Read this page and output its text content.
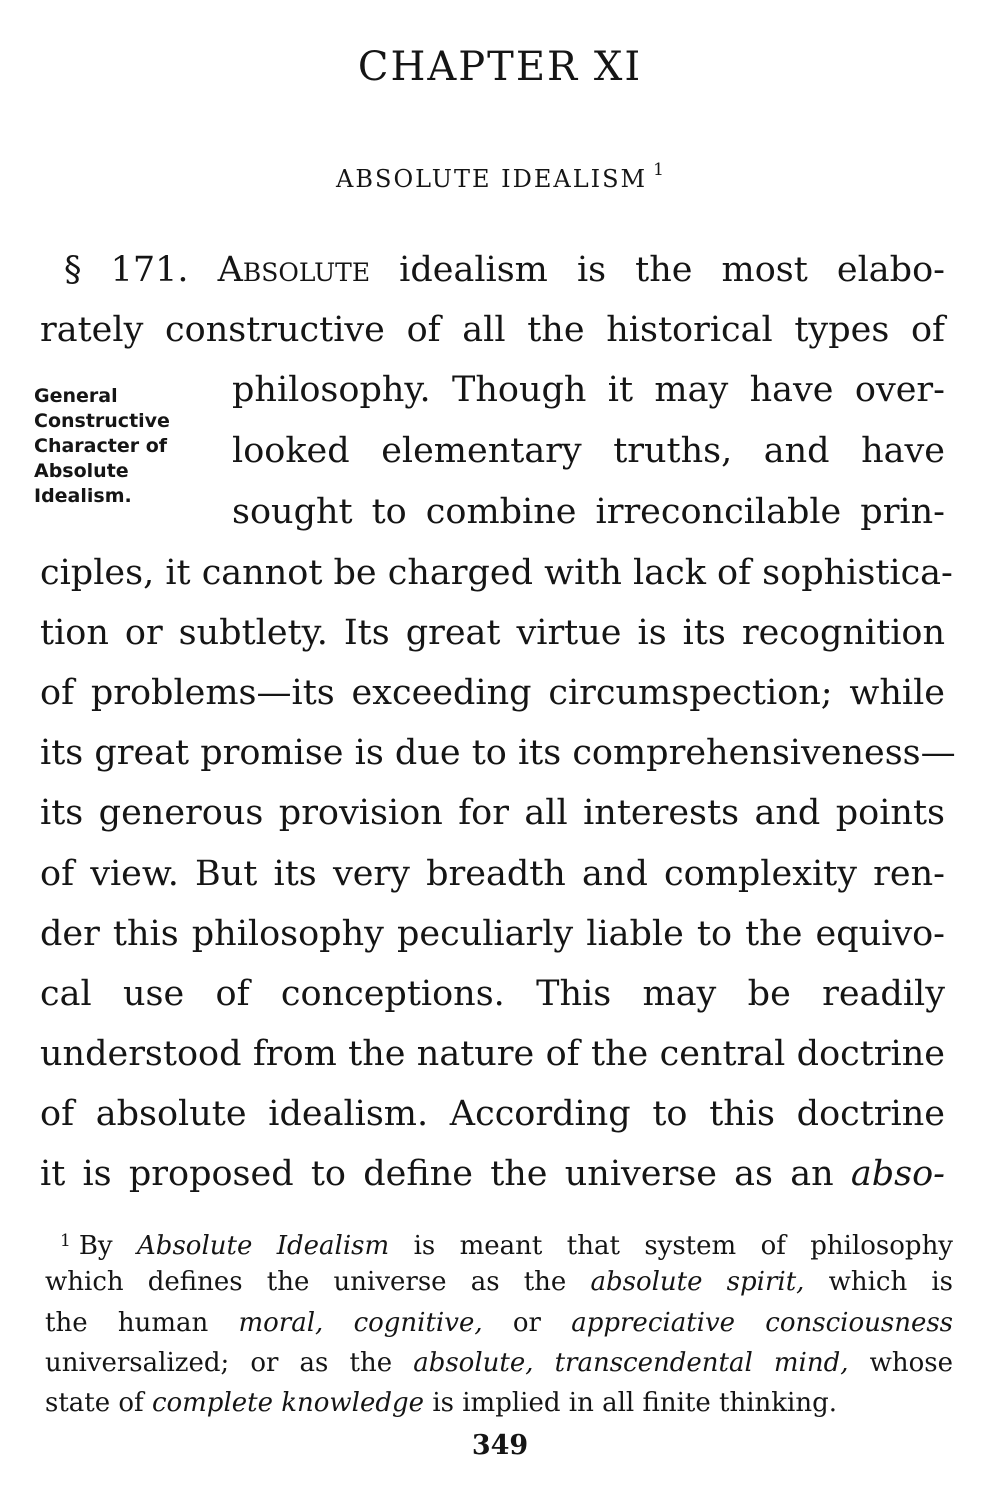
CHAPTER XI
ABSOLUTE IDEALISM $^1$
General
Constructive
Character of
Absolute
Idealism.
§ 171. Absolute idealism is the most elabo-
rately constructive of all the historical types of
philosophy. Though it may have over-
looked elementary truths, and have
sought to combine irreconcilable prin-
ciples, it cannot be charged with lack of sophistica-
tion or subtlety. Its great virtue is its recognition
of problems—its exceeding circumspection; while
its great promise is due to its comprehensiveness—
its generous provision for all interests and points
of view. But its very breadth and complexity ren-
der this philosophy peculiarly liable to the equivo-
cal use of conceptions. This may be readily
understood from the nature of the central doctrine
of absolute idealism. According to this doctrine
it is proposed to define the universe as an abso-
$^1$ By Absolute Idealism is meant that system of philosophy
which defines the universe as the absolute spirit, which is
the human moral, cognitive, or appreciative consciousness
universalized; or as the absolute, transcendental mind, whose
state of complete knowledge is implied in all finite thinking.
349
